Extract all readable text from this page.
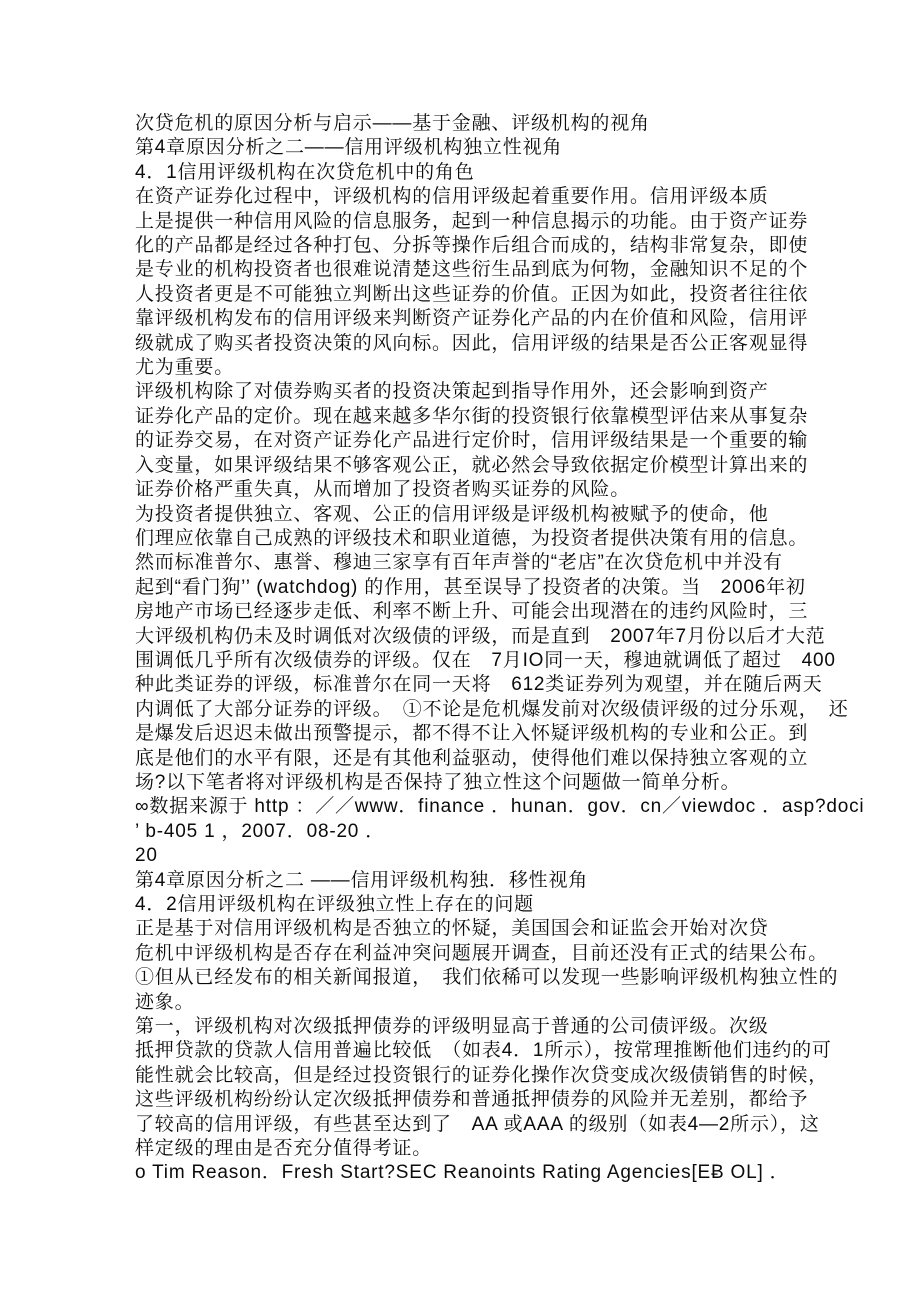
次贷危机的原因分析与启示——基于金融、评级机构的视角
第4章原因分析之二——信用评级机构独立性视角
4．1信用评级机构在次贷危机中的角色
在资产证券化过程中，评级机构的信用评级起着重要作用。信用评级本质
上是提供一种信用风险的信息服务，起到一种信息揭示的功能。由于资产证券
化的产品都是经过各种打包、分拆等操作后组合而成的，结构非常复杂，即使
是专业的机构投资者也很难说清楚这些衍生品到底为何物，金融知识不足的个
人投资者更是不可能独立判断出这些证券的价值。正因为如此，投资者往往依
靠评级机构发布的信用评级来判断资产证券化产品的内在价值和风险，信用评
级就成了购买者投资决策的风向标。因此，信用评级的结果是否公正客观显得
尤为重要。
评级机构除了对债券购买者的投资决策起到指导作用外，还会影响到资产
证券化产品的定价。现在越来越多华尔街的投资银行依靠模型评估来从事复杂
的证券交易，在对资产证券化产品进行定价时，信用评级结果是一个重要的输
入变量，如果评级结果不够客观公正，就必然会导致依据定价模型计算出来的
证券价格严重失真，从而增加了投资者购买证券的风险。
为投资者提供独立、客观、公正的信用评级是评级机构被赋予的使命，他
们理应依靠自己成熟的评级技术和职业道德，为投资者提供决策有用的信息。
然而标准普尔、惠誉、穆迪三家享有百年声誉的“老店”在次贷危机中并没有
起到“看门狗’’ (watchdog) 的作用，甚至误导了投资者的决策。当　2006年初
房地产市场已经逐步走低、利率不断上升、可能会出现潜在的违约风险时，三
大评级机构仍未及时调低对次级债的评级，而是直到　2007年7月份以后才大范
围调低几乎所有次级债券的评级。仅在　7月IO同一天，穆迪就调低了超过　400
种此类证券的评级，标准普尔在同一天将　612类证券列为观望，并在随后两天
内调低了大部分证券的评级。　①不论是危机爆发前对次级债评级的过分乐观，　还
是爆发后迟迟未做出预警提示，都不得不让入怀疑评级机构的专业和公正。到
底是他们的水平有限，还是有其他利益驱动，使得他们难以保持独立客观的立
场?以下笔者将对评级机构是否保持了独立性这个问题做一简单分析。
∞数据来源于 http ：／／www．finance ．hunan．gov．cn／viewdoc ．asp?doci
’ b-405 1 ，2007．08-20 ．
20
第4章原因分析之二 ——信用评级机构独．移性视角
4．2信用评级机构在评级独立性上存在的问题
正是基于对信用评级机构是否独立的怀疑，美国国会和证监会开始对次贷
危机中评级机构是否存在利益冲突问题展开调查，目前还没有正式的结果公布。
①但从已经发布的相关新闻报道，　我们依稀可以发现一些影响评级机构独立性的
迹象。
第一，评级机构对次级抵押债券的评级明显高于普通的公司债评级。次级
抵押贷款的贷款人信用普遍比较低　（如表4．1所示），按常理推断他们违约的可
能性就会比较高，但是经过投资银行的证券化操作次贷变成次级债销售的时候，
这些评级机构纷纷认定次级抵押债券和普通抵押债券的风险并无差别，都给予
了较高的信用评级，有些甚至达到了　AA 或AAA 的级别（如表4—2所示），这
样定级的理由是否充分值得考证。
o Tim Reason．Fresh Start?SEC Reanoints Rating Agencies[EɃ OL] ．
